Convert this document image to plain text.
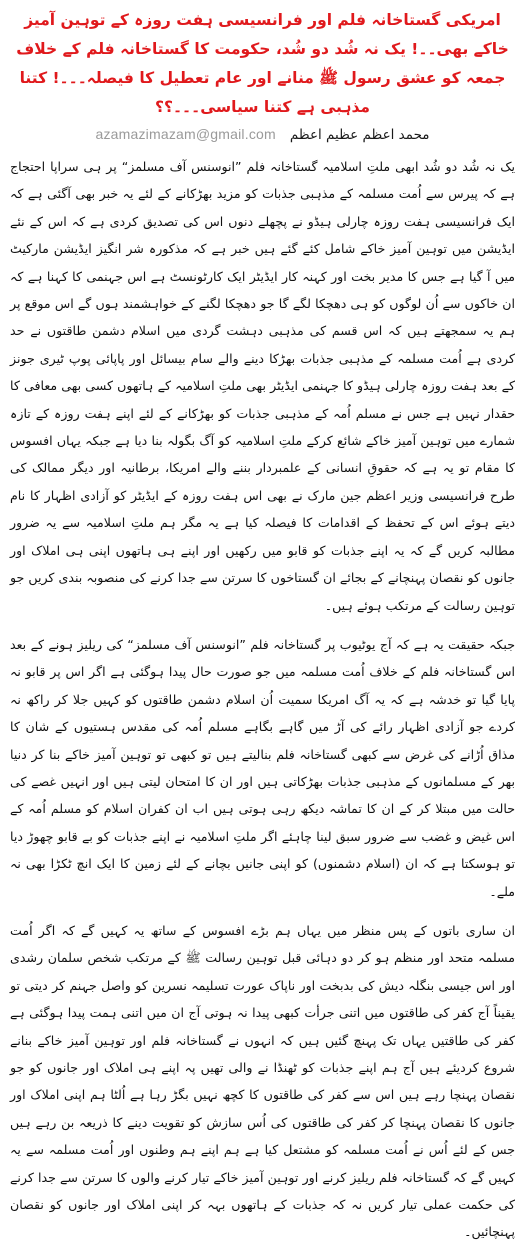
امریکی گستاخانہ فلم اور فرانسیسی ہفت روزہ کے توہین آمیز خاکے بھی۔۔! یک نہ شُد دو شُد، حکومت کا گستاخانہ فلم کے خلاف جمعہ کو عشق رسول ﷺ منانے اور عام تعطیل کا فیصلہ۔۔۔! کتنا مذہبی ہے کتنا سیاسی۔۔۔؟؟
azamazimazam@gmail.com محمد اعظم عظیم اعظم

یک نہ شُد دو شُد ابھی ملتِ اسلامیہ گستاخانہ فلم ”انوسنس آف مسلمز“ پر ہی سراپا احتجاج ہے کہ پیرس سے اُمت مسلمہ کے مذہبی جذبات کو مزید بھڑکانے کے لئے یہ خبر بھی آگئی ہے کہ ایک فرانسیسی ہفت روزہ چارلی ہیڈو نے پچھلے دنوں اس کی تصدیق کردی ہے کہ اس کے نئے ایڈیشن میں توہین آمیز خاکے شامل کئے گئے ہیں خبر ہے کہ مذکورہ شر انگیز ایڈیشن مارکیٹ میں آ گیا ہے جس کا مدیر بخت اور کہنہ کار ایڈیٹر ایک کارٹونسٹ ہے اس جہنمی کا کہنا ہے کہ ان خاکوں سے اُن لوگوں کو ہی دھچکا لگے گا جو دھچکا لگنے کے خواہشمند ہوں گے اس موقع پر ہم یہ سمجھتے ہیں کہ اس قسم کی مذہبی دہشت گردی میں اسلام دشمن طاقتوں نے حد کردی ہے اُمت مسلمہ کے مذہبی جذبات بھڑکا دینے والے سام بیسائل اور پاپائی پوپ ٹیری جونز کے بعد ہفت روزہ چارلی ہیڈو کا جہنمی ایڈیٹر بھی ملتِ اسلامیہ کے ہاتھوں کسی بھی معافی کا حقدار نہیں ہے جس نے مسلم اُمہ کے مذہبی جذبات کو بھڑکانے کے لئے اپنے ہفت روزہ کے تازہ شمارے میں توہین آمیز خاکے شائع کرکے ملتِ اسلامیہ کو آگ بگولہ بنا دیا ہے جبکہ یہاں افسوس کا مقام تو یہ ہے کہ حقوقِ انسانی کے علمبردار بننے والے امریکا، برطانیہ اور دیگر ممالک کی طرح فرانسیسی وزیر اعظم جین مارک نے بھی اس ہفت روزہ کے ایڈیٹر کو آزادی اظہار کا نام دیتے ہوئے اس کے تحفظ کے اقدامات کا فیصلہ کیا ہے یہ مگر ہم ملتِ اسلامیہ سے یہ ضرور مطالبہ کریں گے کہ یہ اپنے جذبات کو قابو میں رکھیں اور اپنے ہی ہاتھوں اپنی ہی املاک اور جانوں کو نقصان پہنچانے کے بجائے ان گستاخوں کا سرتن سے جدا کرنے کی منصوبہ بندی کریں جو توہین رسالت کے مرتکب ہوئے ہیں۔

جبکہ حقیقت یہ ہے کہ آج یوٹیوب پر گستاخانہ فلم ”انوسنس آف مسلمز“ کی ریلیز ہونے کے بعد اس گستاخانہ فلم کے خلاف اُمت مسلمہ میں جو صورت حال پیدا ہوگئی ہے اگر اس پر قابو نہ پایا گیا تو خدشہ ہے کہ یہ آگ امریکا سمیت اُن اسلام دشمن طاقتوں کو کہیں جلا کر راکھ نہ کردے جو آزادی اظہار رائے کی آڑ میں گاہے بگاہے مسلم اُمہ کی مقدس ہستیوں کے شان کا مذاق اُڑانے کی غرض سے کبھی گستاخانہ فلم بنالیتے ہیں تو کبھی تو توہین آمیز خاکے بنا کر دنیا بھر کے مسلمانوں کے مذہبی جذبات بھڑکاتی ہیں اور ان کا امتحان لیتی ہیں اور انہیں غصے کی حالت میں مبتلا کر کے ان کا تماشہ دیکھ رہی ہوتی ہیں اب ان کفران اسلام کو مسلم اُمہ کے اس غیض و غضب سے ضرور سبق لینا چاہئے اگر ملتِ اسلامیہ نے اپنے جذبات کو بے قابو چھوڑ دیا تو ہوسکتا ہے کہ ان (اسلام دشمنوں) کو اپنی جانیں بچانے کے لئے زمین کا ایک انچ ٹکڑا بھی نہ ملے۔

ان ساری باتوں کے پس منظر میں یہاں ہم بڑے افسوس کے ساتھ یہ کہیں گے کہ اگر اُمت مسلمہ متحد اور منظم ہو کر دو دہائی قبل توہین رسالت ﷺ کے مرتکب شخص سلمان رشدی اور اس جیسی بنگلہ دیش کی بدبخت اور ناپاک عورت تسلیمہ نسرین کو واصل جہنم کر دیتی تو یقیناً آج کفر کی طاقتوں میں اتنی جرأت کبھی پیدا نہ ہوتی آج ان میں اتنی ہمت پیدا ہوگئی ہے کفر کی طاقتیں یہاں تک پہنچ گئیں ہیں کہ انہوں نے گستاخانہ فلم اور توہین آمیز خاکے بنانے شروع کردیئے ہیں آج ہم اپنے جذبات کو ٹھنڈا نے والی تھیں پہ اپنے ہی املاک اور جانوں کو جو نقصان پہنچا رہے ہیں اس سے کفر کی طاقتوں کا کچھ نہیں بگڑ رہا ہے اُلٹا ہم اپنی املاک اور جانوں کا نقصان پہنچا کر کفر کی طاقتوں کی اُس سازش کو تقویت دینے کا ذریعہ بن رہے ہیں جس کے لئے اُس نے اُمت مسلمہ کو مشتعل کیا ہے ہم اپنے ہم وطنوں اور اُمت مسلمہ سے یہ کہیں گے کہ گستاخانہ فلم ریلیز کرنے اور توہین آمیز خاکے تیار کرنے والوں کا سرتن سے جدا کرنے کی حکمت عملی تیار کریں نہ کہ جذبات کے ہاتھوں بہہ کر اپنی املاک اور جانوں کو نقصان پہنچائیں۔
